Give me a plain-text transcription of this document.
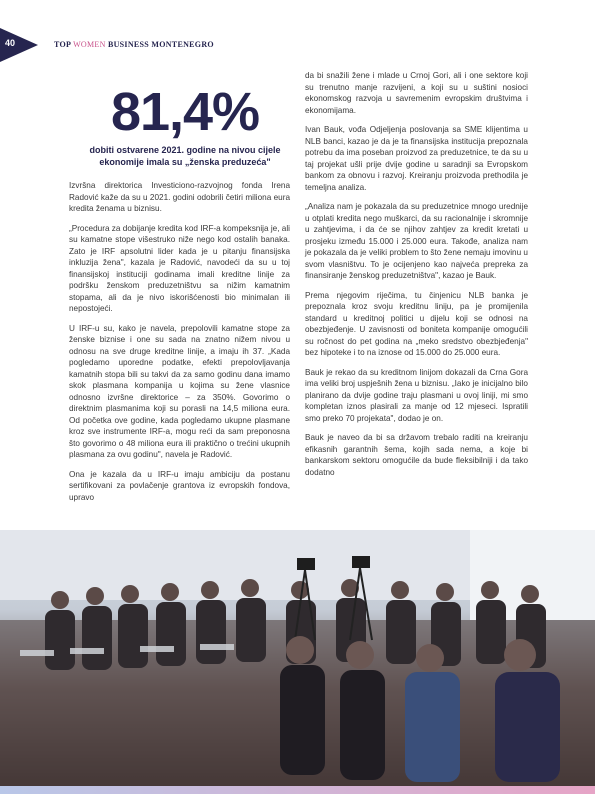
40	TOP WOMEN BUSINESS MONTENEGRO
81,4%
dobiti ostvarene 2021. godine na nivou cijele
ekonomije imala su „ženska preduzeća"

Izvršna direktorica Investiciono-razvojnog fonda Irena Radović kaže da su u 2021. godini odobrili četiri miliona eura kredita ženama u biznisu.

„Procedura za dobijanje kredita kod IRF-a kompeksnija je, ali su kamatne stope višestruko niže nego kod ostalih banaka. Zato je IRF apsolutni lider kada je u pitanju finansijska inkluzija žena", kazala je Radović, navodeći da su u toj finansijskoj instituciji godinama imali kreditne linije za podršku ženskom preduzetništvu sa nižim kamatnim stopama, ali da je nivo iskorišćenosti bio minimalan ili nepostojeći.

U IRF-u su, kako je navela, prepolovili kamatne stope za ženske biznise i one su sada na znatno nižem nivou u odnosu na sve druge kreditne linije, a imaju ih 37. „Kada pogledamo uporedne podatke, efekti prepolovljavanja kamatnih stopa bili su takvi da za samo godinu dana imamo skok plasmana kompanija u kojima su žene vlasnice odnosno izvršne direktorice – za 350%. Govorimo o direktnim plasmanima koji su porasli na 14,5 miliona eura. Od početka ove godine, kada pogledamo ukupne plasmane kroz sve instrumente IRF-a, mogu reći da sam preponosna što govorimo o 48 miliona eura ili praktično o trećini ukupnih plasmana za ovu godinu", navela je Radović.

Ona je kazala da u IRF-u imaju ambiciju da postanu sertifikovani za povlačenje grantova iz evropskih fondova, upravo

da bi snažili žene i mlade u Crnoj Gori, ali i one sektore koji su trenutno manje razvijeni, a koji su u suštini nosioci ekonomskog razvoja u savremenim evropskim društvima i ekonomijama.

Ivan Bauk, vođa Odjeljenja poslovanja sa SME klijentima u NLB banci, kazao je da je ta finansijska institucija prepoznala potrebu da ima poseban proizvod za preduzetnice, te da su u taj projekat ušli prije dvije godine u saradnji sa Evropskom bankom za obnovu i razvoj. Kreiranju proizvoda prethodila je temeljna analiza.

„Analiza nam je pokazala da su preduzetnice mnogo urednije u otplati kredita nego muškarci, da su racionalnije i skromnije u zahtjevima, i da će se njihov zahtjev za kredit kretati u prosjeku između 15.000 i 25.000 eura. Takođe, analiza nam je pokazala da je veliki problem to što žene nemaju imovinu u svom vlasništvu. To je ocijenjeno kao najveća prepreka za finansiranje ženskog preduzetništva", kazao je Bauk.

Prema njegovim riječima, tu činjenicu NLB banka je prepoznala kroz svoju kreditnu liniju, pa je promijenila standard u kreditnoj politici u dijelu koji se odnosi na obezbjeđenje. U zavisnosti od boniteta kompanije omogućili su ročnost do pet godina na „meko sredstvo obezbjeđenja" bez hipoteke i to na iznose od 15.000 do 25.000 eura.

Bauk je rekao da su kreditnom linijom dokazali da Crna Gora ima veliki broj uspješnih žena u biznisu. „Iako je inicijalno bilo planirano da dvije godine traju plasmani u ovoj liniji, mi smo kompletan iznos plasirali za manje od 12 mjeseci. Ispratili smo preko 70 projekata", dodao je on.

Bauk je naveo da bi sa državom trebalo raditi na kreiranju efikasnih garantnih šema, kojih sada nema, a koje bi bankarskom sektoru omogućile da bude fleksibilniji i da tako dodatno
